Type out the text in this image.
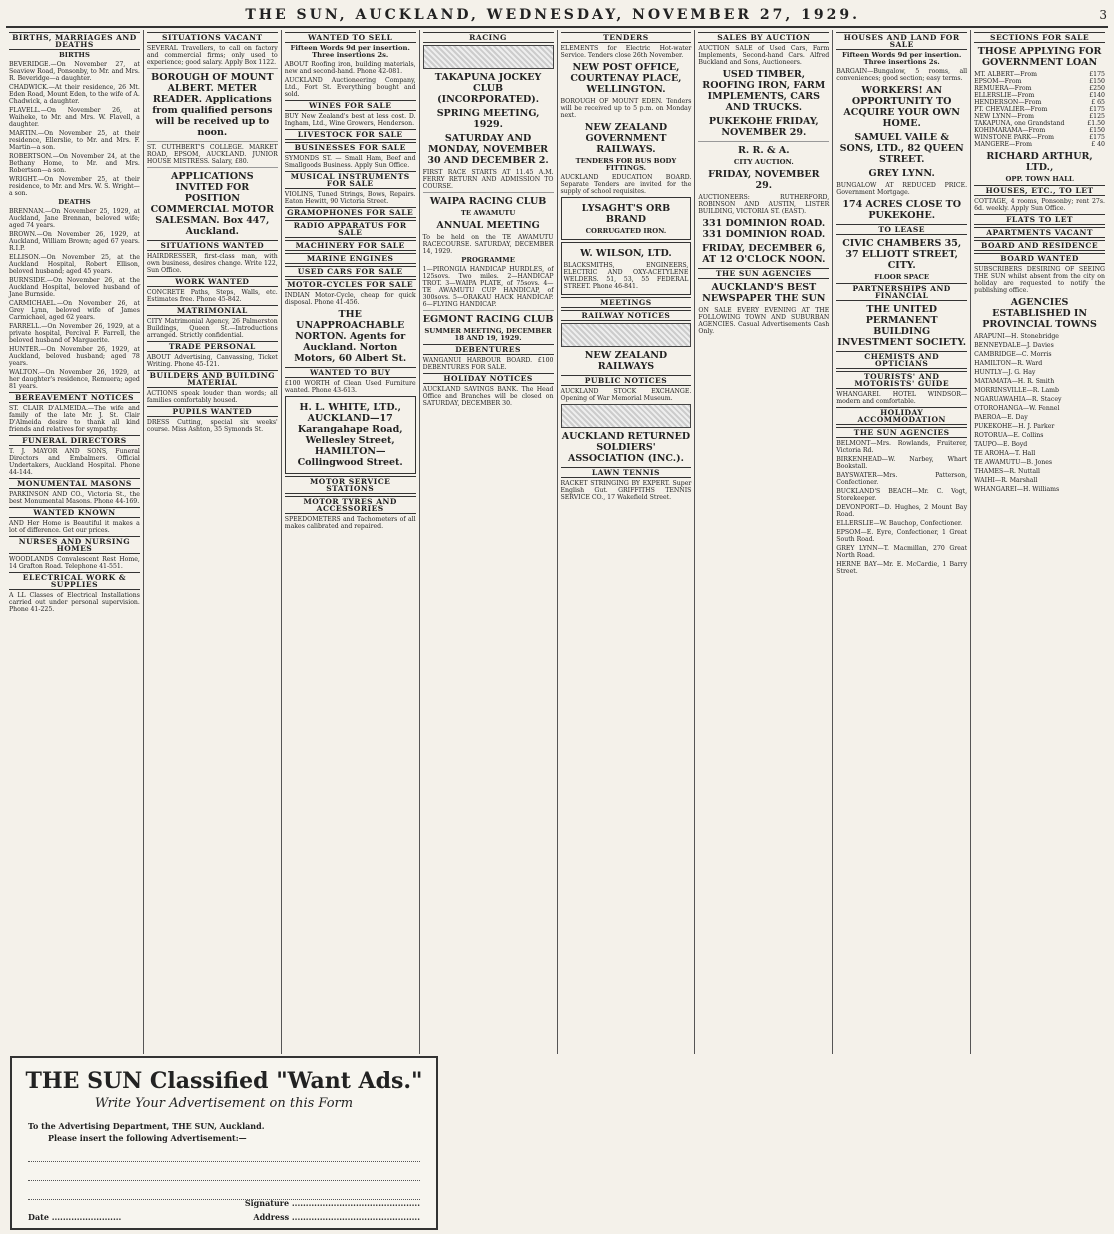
THE SUN, AUCKLAND, WEDNESDAY, NOVEMBER 27, 1929.	3
BIRTHS, MARRIAGES AND DEATHS
BIRTHS

BEVERIDGE.—On November 27, at Seaview Road, Ponsonby, to Mr. and Mrs. R. Beveridge—a daughter.

CHADWICK.—At their residence, 26 Mt. Eden Road, Mount Eden, to the wife of A. Chadwick, a daughter.

FLAVELL.—On November 26, at Waiheke, to Mr. and Mrs. W. Flavell, a daughter.

MARTIN.—On November 25, at their residence, Ellerslie, to Mr. and Mrs. F. Martin—a son.

ROBERTSON.—On November 24, at the Bethany Home, to Mr. and Mrs. Robertson—a son.

WRIGHT.—On November 25, at their residence, to Mr. and Mrs. W. S. Wright—a son.

DEATHS

BRENNAN.—On November 25, 1929, at Auckland, Jane Brennan, beloved wife; aged 74 years.

BROWN.—On November 26, 1929, at Auckland, William Brown; aged 67 years. R.I.P.

ELLISON.—On November 25, at the Auckland Hospital, Robert Ellison, beloved husband; aged 45 years.

BURNSIDE.—On November 26, at the Auckland Hospital, beloved husband of Jane Burnside.

CARMICHAEL.—On November 26, at Grey Lynn, beloved wife of James Carmichael, aged 62 years.

FARRELL.—On November 26, 1929, at a private hospital, Percival F. Farrell, the beloved husband of Marguerite.

HUNTER.—On November 26, 1929, at Auckland, beloved husband; aged 78 years.

WALTON.—On November 26, 1929, at her daughter's residence, Remuera; aged 81 years.

BEREAVEMENT NOTICES

ST. CLAIR D'ALMEIDA.—The wife and family of the late Mr. J. St. Clair D'Almeida desire to thank all kind friends and relatives for sympathy.

FUNERAL DIRECTORS

T. J. MAYOR AND SONS, Funeral Directors and Embalmers. Official Undertakers, Auckland Hospital. Phone 44-144.

MONUMENTAL MASONS

PARKINSON AND CO., Victoria St., the best Monumental Masons. Phone 44-169.

WANTED KNOWN

AND Her Home is Beautiful it makes a lot of difference. Get our prices.

NURSES AND NURSING HOMES

WOODLANDS Convalescent Rest Home, 14 Grafton Road. Telephone 41-551.

ELECTRICAL WORK & SUPPLIES

A LL Classes of Electrical Installations carried out under personal supervision. Phone 41-225.

SITUATIONS VACANT

SEVERAL Travellers, to call on factory and commercial firms; only used to experience; good salary. Apply Box 1122.

BOROUGH OF MOUNT ALBERT. METER READER. Applications from qualified persons will be received up to noon.

ST. CUTHBERT'S COLLEGE. MARKET ROAD, EPSOM, AUCKLAND. JUNIOR HOUSE MISTRESS. Salary, £80.

APPLICATIONS INVITED FOR POSITION COMMERCIAL MOTOR SALESMAN. Box 447, Auckland.

SITUATIONS WANTED

HAIRDRESSER, first-class man, with own business, desires change. Write 122, Sun Office.

WORK WANTED

CONCRETE Paths, Steps, Walls, etc. Estimates free. Phone 45-842.

MATRIMONIAL

CITY Matrimonial Agency, 26 Palmerston Buildings, Queen St.—Introductions arranged. Strictly confidential.

TRADE PERSONAL

ABOUT Advertising, Canvassing, Ticket Writing. Phone 45-121.

BUILDERS AND BUILDING MATERIAL

ACTIONS speak louder than words; all families comfortably housed.

PUPILS WANTED

DRESS Cutting, special six weeks' course. Miss Ashton, 35 Symonds St.

WANTED TO SELL
Fifteen Words 9d per insertion. Three insertions 2s.

ABOUT Roofing iron, building materials, new and second-hand. Phone 42-081.

AUCKLAND Auctioneering Company, Ltd., Fort St. Everything bought and sold.

WINES FOR SALE

BUY New Zealand's best at less cost. D. Ingham, Ltd., Wine Growers, Henderson.

LIVESTOCK FOR SALE
BUSINESSES FOR SALE

SYMONDS ST. — Small Ham, Beef and Smallgoods Business. Apply Sun Office.

MUSICAL INSTRUMENTS FOR SALE

VIOLINS, Tuned Strings, Bows, Repairs. Eaton Hewitt, 90 Victoria Street.

GRAMOPHONES FOR SALE
RADIO APPARATUS FOR SALE
MACHINERY FOR SALE
MARINE ENGINES
USED CARS FOR SALE
MOTOR-CYCLES FOR SALE

INDIAN Motor-Cycle, cheap for quick disposal. Phone 41-456.

THE UNAPPROACHABLE NORTON. Agents for Auckland. Norton Motors, 60 Albert St.

WANTED TO BUY

£100 WORTH of Clean Used Furniture wanted. Phone 43-613.

H. L. WHITE, LTD., AUCKLAND—17 Karangahape Road, Wellesley Street, HAMILTON—Collingwood Street.

MOTOR SERVICE STATIONS
MOTOR TYRES AND ACCESSORIES

SPEEDOMETERS and Tachometers of all makes calibrated and repaired.

RACING

TAKAPUNA JOCKEY CLUB (INCORPORATED).

SPRING MEETING, 1929.

SATURDAY AND MONDAY, NOVEMBER 30 AND DECEMBER 2.

FIRST RACE STARTS AT 11.45 A.M. FERRY RETURN AND ADMISSION TO COURSE.

WAIPA RACING CLUB

TE AWAMUTU

ANNUAL MEETING

To be held on the TE AWAMUTU RACECOURSE. SATURDAY, DECEMBER 14, 1929.

PROGRAMME

1—PIRONGIA HANDICAP HURDLES, of 125sovs. Two miles. 2—HANDICAP TROT. 3—WAIPA PLATE, of 75sovs. 4—TE AWAMUTU CUP HANDICAP, of 300sovs. 5—ORAKAU HACK HANDICAP. 6—FLYING HANDICAP.

EGMONT RACING CLUB

SUMMER MEETING, DECEMBER 18 AND 19, 1929.
DEBENTURES

WANGANUI HARBOUR BOARD. £100 DEBENTURES FOR SALE.

HOLIDAY NOTICES

AUCKLAND SAVINGS BANK. The Head Office and Branches will be closed on SATURDAY, DECEMBER 30.

TENDERS

ELEMENTS for Electric Hot-water Service. Tenders close 26th November.

NEW POST OFFICE, COURTENAY PLACE, WELLINGTON.

BOROUGH OF MOUNT EDEN. Tenders will be received up to 5 p.m. on Monday next.

NEW ZEALAND GOVERNMENT RAILWAYS.

TENDERS FOR BUS BODY FITTINGS.

AUCKLAND EDUCATION BOARD. Separate Tenders are invited for the supply of school requisites.

LYSAGHT'S ORB BRAND

CORRUGATED IRON.

W. WILSON, LTD.

BLACKSMITHS, ENGINEERS, ELECTRIC AND OXY-ACETYLENE WELDERS. 51, 53, 55 FEDERAL STREET. Phone 46-841.

MEETINGS
RAILWAY NOTICES

NEW ZEALAND RAILWAYS

PUBLIC NOTICES

AUCKLAND STOCK EXCHANGE. Opening of War Memorial Museum.

AUCKLAND RETURNED SOLDIERS' ASSOCIATION (INC.).

LAWN TENNIS

RACKET STRINGING BY EXPERT. Super English Gut. GRIFFITHS TENNIS SERVICE CO., 17 Wakefield Street.

SALES BY AUCTION

AUCTION SALE of Used Cars, Farm Implements, Second-hand Cars. Alfred Buckland and Sons, Auctioneers.

USED TIMBER, ROOFING IRON, FARM IMPLEMENTS, CARS AND TRUCKS.

PUKEKOHE FRIDAY, NOVEMBER 29.

R. R. & A.

CITY AUCTION.

FRIDAY, NOVEMBER 29.

AUCTIONEERS: RUTHERFORD, ROBINSON AND AUSTIN, LISTER BUILDING, VICTORIA ST. (EAST).

331 DOMINION ROAD. 331 DOMINION ROAD.

FRIDAY, DECEMBER 6, AT 12 O'CLOCK NOON.

THE SUN AGENCIES

AUCKLAND'S BEST NEWSPAPER THE SUN

ON SALE EVERY EVENING AT THE FOLLOWING TOWN AND SUBURBAN AGENCIES. Casual Advertisements Cash Only.

HOUSES AND LAND FOR SALE
Fifteen Words 9d per insertion. Three insertions 2s.

BARGAIN—Bungalow, 5 rooms, all conveniences; good section; easy terms.

WORKERS! AN OPPORTUNITY TO ACQUIRE YOUR OWN HOME.

SAMUEL VAILE & SONS, LTD., 82 QUEEN STREET.

GREY LYNN.

BUNGALOW AT REDUCED PRICE. Government Mortgage.

174 ACRES CLOSE TO PUKEKOHE.

TO LEASE

CIVIC CHAMBERS 35, 37 ELLIOTT STREET, CITY.

FLOOR SPACE
PARTNERSHIPS AND FINANCIAL

THE UNITED PERMANENT BUILDING INVESTMENT SOCIETY.

CHEMISTS AND OPTICIANS
TOURISTS' AND MOTORISTS' GUIDE

WHANGAREI. HOTEL WINDSOR—modern and comfortable.

HOLIDAY ACCOMMODATION
THE SUN AGENCIES

BELMONT—Mrs. Rowlands, Fruiterer, Victoria Rd.

BIRKENHEAD—W. Narbey, Whart Bookstall.

BAYSWATER—Mrs. Patterson, Confectioner.

BUCKLAND'S BEACH—Mr. C. Vogt, Storekeeper.

DEVONPORT—D. Hughes, 2 Mount Bay Road.

ELLERSLIE—W. Bauchop, Confectioner.

EPSOM—E. Eyre, Confectioner, 1 Great South Road.

GREY LYNN—T. Macmillan, 270 Great North Road.

HERNE BAY—Mr. E. McCardie, 1 Barry Street.

SECTIONS FOR SALE

THOSE APPLYING FOR GOVERNMENT LOAN

MT. ALBERT—From	£175
EPSOM—From	£150
REMUERA—From	£250
ELLERSLIE—From	£140
HENDERSON—From	£ 65
PT. CHEVALIER—From	£175
NEW LYNN—From	£125
TAKAPUNA, one Grandstand	£1.50
KOHIMARAMA—From	£150
WINSTONE PARK—From	£175
MANGERE—From	£ 40

RICHARD ARTHUR, LTD.,

OPP. TOWN HALL
HOUSES, ETC., TO LET

COTTAGE, 4 rooms, Ponsonby; rent 27s. 6d. weekly. Apply Sun Office.

FLATS TO LET
APARTMENTS VACANT
BOARD AND RESIDENCE
BOARD WANTED

SUBSCRIBERS DESIRING OF SEEING THE SUN whilst absent from the city on holiday are requested to notify the publishing office.

AGENCIES ESTABLISHED IN PROVINCIAL TOWNS

ARAPUNI—H. Stonebridge

BENNEYDALE—J. Davies

CAMBRIDGE—C. Morris

HAMILTON—R. Ward

HUNTLY—J. G. Hay

MATAMATA—H. R. Smith

MORRINSVILLE—R. Lamb

NGARUAWAHIA—R. Stacey

OTOROHANGA—W. Fennel

PAEROA—E. Day

PUKEKOHE—H. J. Parker

ROTORUA—E. Collins

TAUPO—E. Boyd

TE AROHA—T. Hall

TE AWAMUTU—B. Jones

THAMES—R. Nuttall

WAIHI—R. Marshall

WHANGAREI—H. Williams

THE SUN Classified "Want Ads."
Write Your Advertisement on this Form
To the Advertising Department, THE SUN, Auckland.
Please insert the following Advertisement:—
Signature ..............................................
Date .........................	Address ..............................................
